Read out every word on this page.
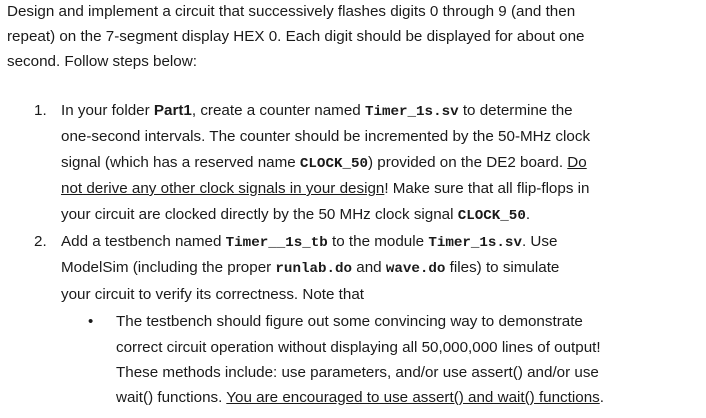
Design and implement a circuit that successively flashes digits 0 through 9 (and then
repeat) on the 7-segment display HEX 0. Each digit should be displayed for about one
second. Follow steps below:
1. In your folder Part1, create a counter named Timer_1s.sv to determine the
one-second intervals. The counter should be incremented by the 50-MHz clock
signal (which has a reserved name CLOCK_50) provided on the DE2 board. Do
not derive any other clock signals in your design! Make sure that all flip-flops in
your circuit are clocked directly by the 50 MHz clock signal CLOCK_50.
2. Add a testbench named Timer__1s_tb to the module Timer_1s.sv. Use
ModelSim (including the proper runlab.do and wave.do files) to simulate
your circuit to verify its correctness. Note that
• The testbench should figure out some convincing way to demonstrate
correct circuit operation without displaying all 50,000,000 lines of output!
These methods include: use parameters, and/or use assert() and/or use
wait() functions. You are encouraged to use assert() and wait() functions.
